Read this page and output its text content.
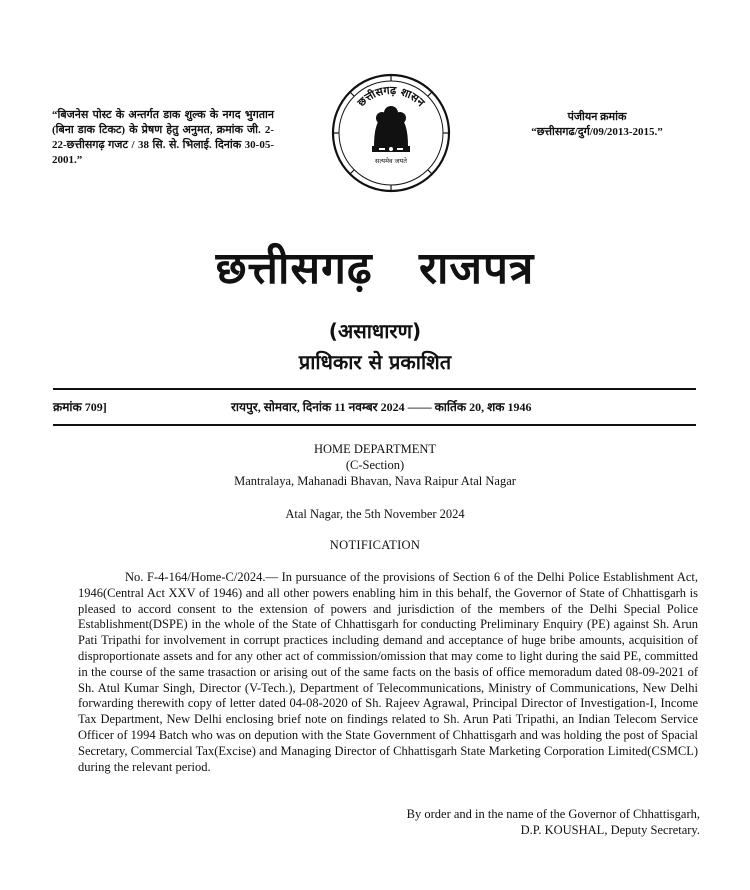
“बिजनेस पोस्ट के अन्तर्गत डाक शुल्क के नगद भुगतान (बिना डाक टिकट) के प्रेषण हेतु अनुमत, क्रमांक जी. 2-22-छत्तीसगढ़ गजट / 38 सि. से. भिलाई. दिनांक 30-05-2001.”
पंजीयन क्रमांक
“छत्तीसगढ/दुर्ग/09/2013-2015.”
छत्तीसगढ़ शासन
सत्यमेव जयते
छत्तीसगढ़ राजपत्र
(असाधारण)
प्राधिकार से प्रकाशित
क्रमांक 709]	रायपुर, सोमवार, दिनांक 11 नवम्बर 2024 —— कार्तिक 20, शक 1946
HOME DEPARTMENT
(C-Section)
Mantralaya, Mahanadi Bhavan, Nava Raipur Atal Nagar
Atal Nagar, the 5th November 2024
NOTIFICATION
No. F-4-164/Home-C/2024.— In pursuance of the provisions of Section 6 of the Delhi Police Establishment Act, 1946(Central Act XXV of 1946) and all other powers enabling him in this behalf, the Governor of State of Chhattisgarh is pleased to accord consent to the extension of powers and jurisdiction of the members of the Delhi Special Police Establishment(DSPE) in the whole of the State of Chhattisgarh for conducting Preliminary Enquiry (PE) against Sh. Arun Pati Tripathi for involvement in corrupt practices including demand and acceptance of huge bribe amounts, acquisition of disproportionate assets and for any other act of commission/omission that may come to light during the said PE, committed in the course of the same trasaction or arising out of the same facts on the basis of office memoradum dated 08-09-2021 of Sh. Atul Kumar Singh, Director (V-Tech.), Department of Telecommunications, Ministry of Communications, New Delhi forwarding therewith copy of letter dated 04-08-2020 of Sh. Rajeev Agrawal, Principal Director of Investigation-I, Income Tax Department, New Delhi enclosing brief note on findings related to Sh. Arun Pati Tripathi, an Indian Telecom Service Officer of 1994 Batch who was on depution with the State Government of Chhattisgarh and was holding the post of Spacial Secretary, Commercial Tax(Excise) and Managing Director of Chhattisgarh State Marketing Corporation Limited(CSMCL) during the relevant period.
By order and in the name of the Governor of Chhattisgarh,
D.P. KOUSHAL, Deputy Secretary.
